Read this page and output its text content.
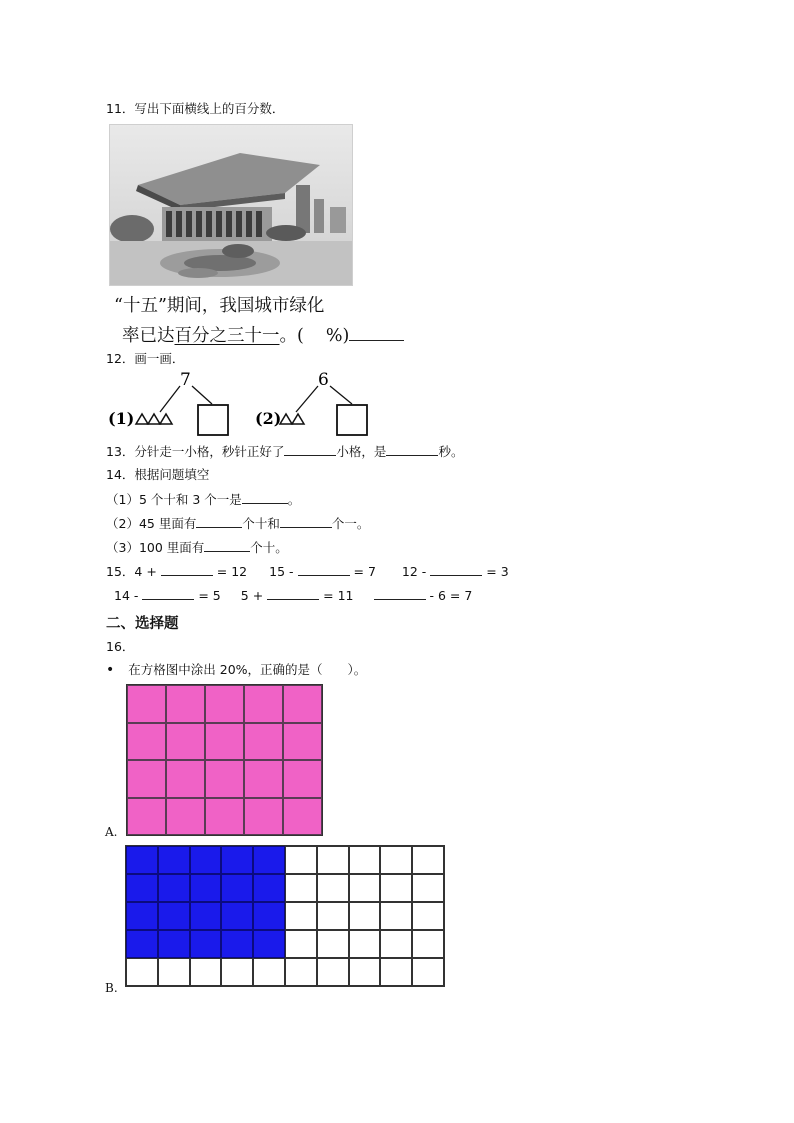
11．写出下面横线上的百分数．
“十五”期间，我国城市绿化
率已达百分之三十一。( %)
12．画一画．
(1)
7
(2)
6
13．分针走一小格，秒针正好了	小格，是	秒。
14．根据问题填空
（1）5 个十和 3 个一是	。
（2）45 里面有	个十和	个一。
（3）100 里面有	个十。
15．4 +	= 12 15 -	= 7 12 -	= 3
14 -	= 5 5 +	= 11	- 6 = 7
二、选择题
16．
• 在方格图中涂出 20%，正确的是（　　）。
A.
B.
